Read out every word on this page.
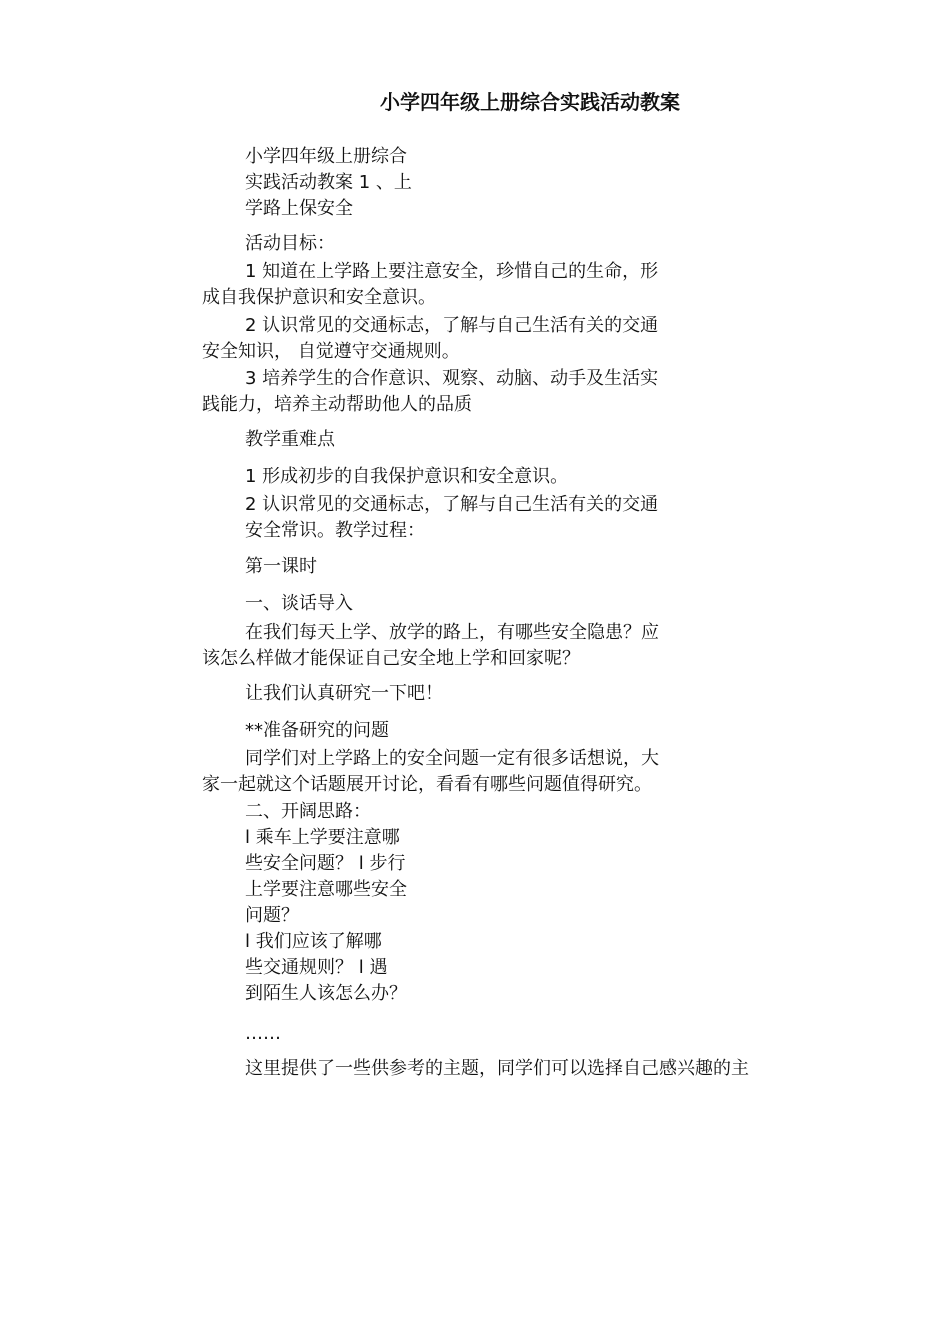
小学四年级上册综合实践活动教案
小学四年级上册综合
实践活动教案 1 、上
学路上保安全
活动目标：
1 知道在上学路上要注意安全，珍惜自己的生命，形
成自我保护意识和安全意识。
2 认识常见的交通标志，了解与自己生活有关的交通
安全知识， 自觉遵守交通规则。
3 培养学生的合作意识、观察、动脑、动手及生活实
践能力，培养主动帮助他人的品质
教学重难点
1 形成初步的自我保护意识和安全意识。
2 认识常见的交通标志，了解与自己生活有关的交通
安全常识。教学过程：
第一课时
一、谈话导入
在我们每天上学、放学的路上，有哪些安全隐患？应
该怎么样做才能保证自己安全地上学和回家呢？
让我们认真研究一下吧！
**准备研究的问题
同学们对上学路上的安全问题一定有很多话想说，大
家一起就这个话题展开讨论，看看有哪些问题值得研究。
二、开阔思路：
l 乘车上学要注意哪
些安全问题？ l 步行
上学要注意哪些安全
问题？
l 我们应该了解哪
些交通规则？ l 遇
到陌生人该怎么办？
……
这里提供了一些供参考的主题，同学们可以选择自己感兴趣的主
